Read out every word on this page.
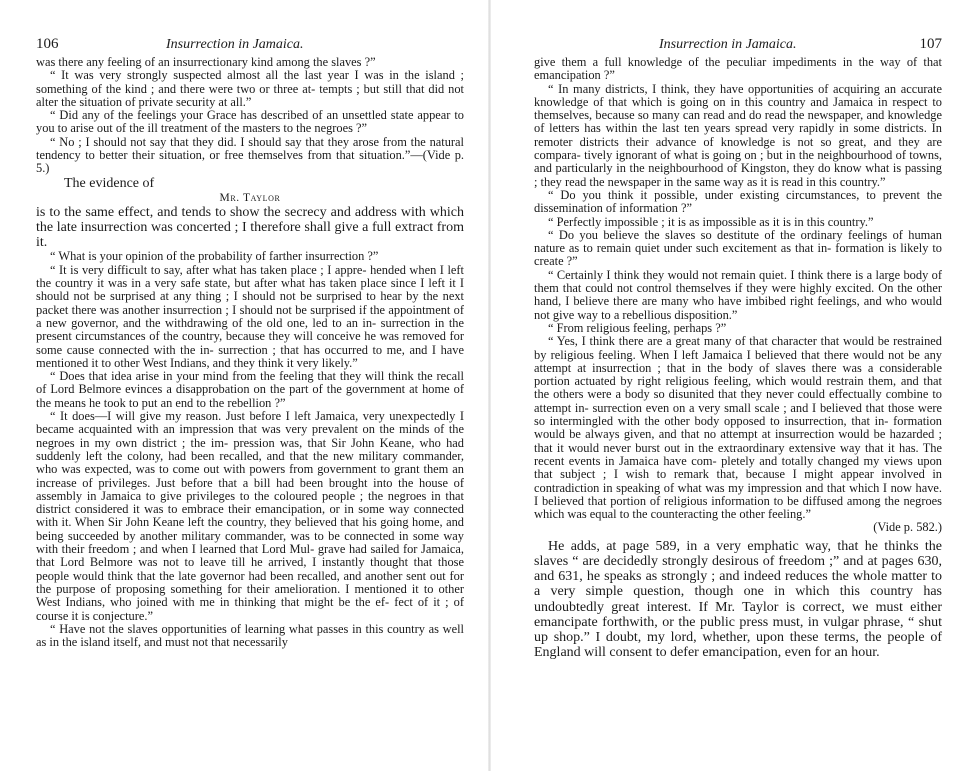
106	Insurrection in Jamaica.

was there any feeling of an insurrectionary kind among the slaves ?”

“ It was very strongly suspected almost all the last year I was in the island ; something of the kind ; and there were two or three at- tempts ; but still that did not alter the situation of private security at all.”

“ Did any of the feelings your Grace has described of an unsettled state appear to you to arise out of the ill treatment of the masters to the negroes ?”

“ No ; I should not say that they did. I should say that they arose from the natural tendency to better their situation, or free themselves from that situation.”—(Vide p. 5.)

The evidence of

Mr. Taylor

is to the same effect, and tends to show the secrecy and address with which the late insurrection was concerted ; I therefore shall give a full extract from it.

“ What is your opinion of the probability of farther insurrection ?”

“ It is very difficult to say, after what has taken place ; I appre- hended when I left the country it was in a very safe state, but after what has taken place since I left it I should not be surprised at any thing ; I should not be surprised to hear by the next packet there was another insurrection ; I should not be surprised if the appointment of a new governor, and the withdrawing of the old one, led to an in- surrection in the present circumstances of the country, because they will conceive he was removed for some cause connected with the in- surrection ; that has occurred to me, and I have mentioned it to other West Indians, and they think it very likely.”

“ Does that idea arise in your mind from the feeling that they will think the recall of Lord Belmore evinces a disapprobation on the part of the government at home of the means he took to put an end to the rebellion ?”

“ It does—I will give my reason. Just before I left Jamaica, very unexpectedly I became acquainted with an impression that was very prevalent on the minds of the negroes in my own district ; the im- pression was, that Sir John Keane, who had suddenly left the colony, had been recalled, and that the new military commander, who was expected, was to come out with powers from government to grant them an increase of privileges. Just before that a bill had been brought into the house of assembly in Jamaica to give privileges to the coloured people ; the negroes in that district considered it was to embrace their emancipation, or in some way connected with it. When Sir John Keane left the country, they believed that his going home, and being succeeded by another military commander, was to be connected in some way with their freedom ; and when I learned that Lord Mul- grave had sailed for Jamaica, that Lord Belmore was not to leave till he arrived, I instantly thought that those people would think that the late governor had been recalled, and another sent out for the purpose of proposing something for their amelioration. I mentioned it to other West Indians, who joined with me in thinking that might be the ef- fect of it ; of course it is conjecture.”

“ Have not the slaves opportunities of learning what passes in this country as well as in the island itself, and must not that necessarily

Insurrection in Jamaica.	107

give them a full knowledge of the peculiar impediments in the way of that emancipation ?”

“ In many districts, I think, they have opportunities of acquiring an accurate knowledge of that which is going on in this country and Jamaica in respect to themselves, because so many can read and do read the newspaper, and knowledge of letters has within the last ten years spread very rapidly in some districts. In remoter districts their advance of knowledge is not so great, and they are compara- tively ignorant of what is going on ; but in the neighbourhood of towns, and particularly in the neighbourhood of Kingston, they do know what is passing ; they read the newspaper in the same way as it is read in this country.”

“ Do you think it possible, under existing circumstances, to prevent the dissemination of information ?”

“ Perfectly impossible ; it is as impossible as it is in this country.”

“ Do you believe the slaves so destitute of the ordinary feelings of human nature as to remain quiet under such excitement as that in- formation is likely to create ?”

“ Certainly I think they would not remain quiet. I think there is a large body of them that could not control themselves if they were highly excited. On the other hand, I believe there are many who have imbibed right feelings, and who would not give way to a rebellious disposition.”

“ From religious feeling, perhaps ?”

“ Yes, I think there are a great many of that character that would be restrained by religious feeling. When I left Jamaica I believed that there would not be any attempt at insurrection ; that in the body of slaves there was a considerable portion actuated by right religious feeling, which would restrain them, and that the others were a body so disunited that they never could effectually combine to attempt in- surrection even on a very small scale ; and I believed that those were so intermingled with the other body opposed to insurrection, that in- formation would be always given, and that no attempt at insurrection would be hazarded ; that it would never burst out in the extraordinary extensive way that it has. The recent events in Jamaica have com- pletely and totally changed my views upon that subject ; I wish to remark that, because I might appear involved in contradiction in speaking of what was my impression and that which I now have. I believed that portion of religious information to be diffused among the negroes which was equal to the counteracting the other feeling.”

(Vide p. 582.)

He adds, at page 589, in a very emphatic way, that he thinks the slaves “ are decidedly strongly desirous of freedom ;” and at pages 630, and 631, he speaks as strongly ; and indeed reduces the whole matter to a very simple question, though one in which this country has undoubtedly great interest. If Mr. Taylor is correct, we must either emancipate forthwith, or the public press must, in vulgar phrase, “ shut up shop.” I doubt, my lord, whether, upon these terms, the people of England will consent to defer emancipation, even for an hour.
